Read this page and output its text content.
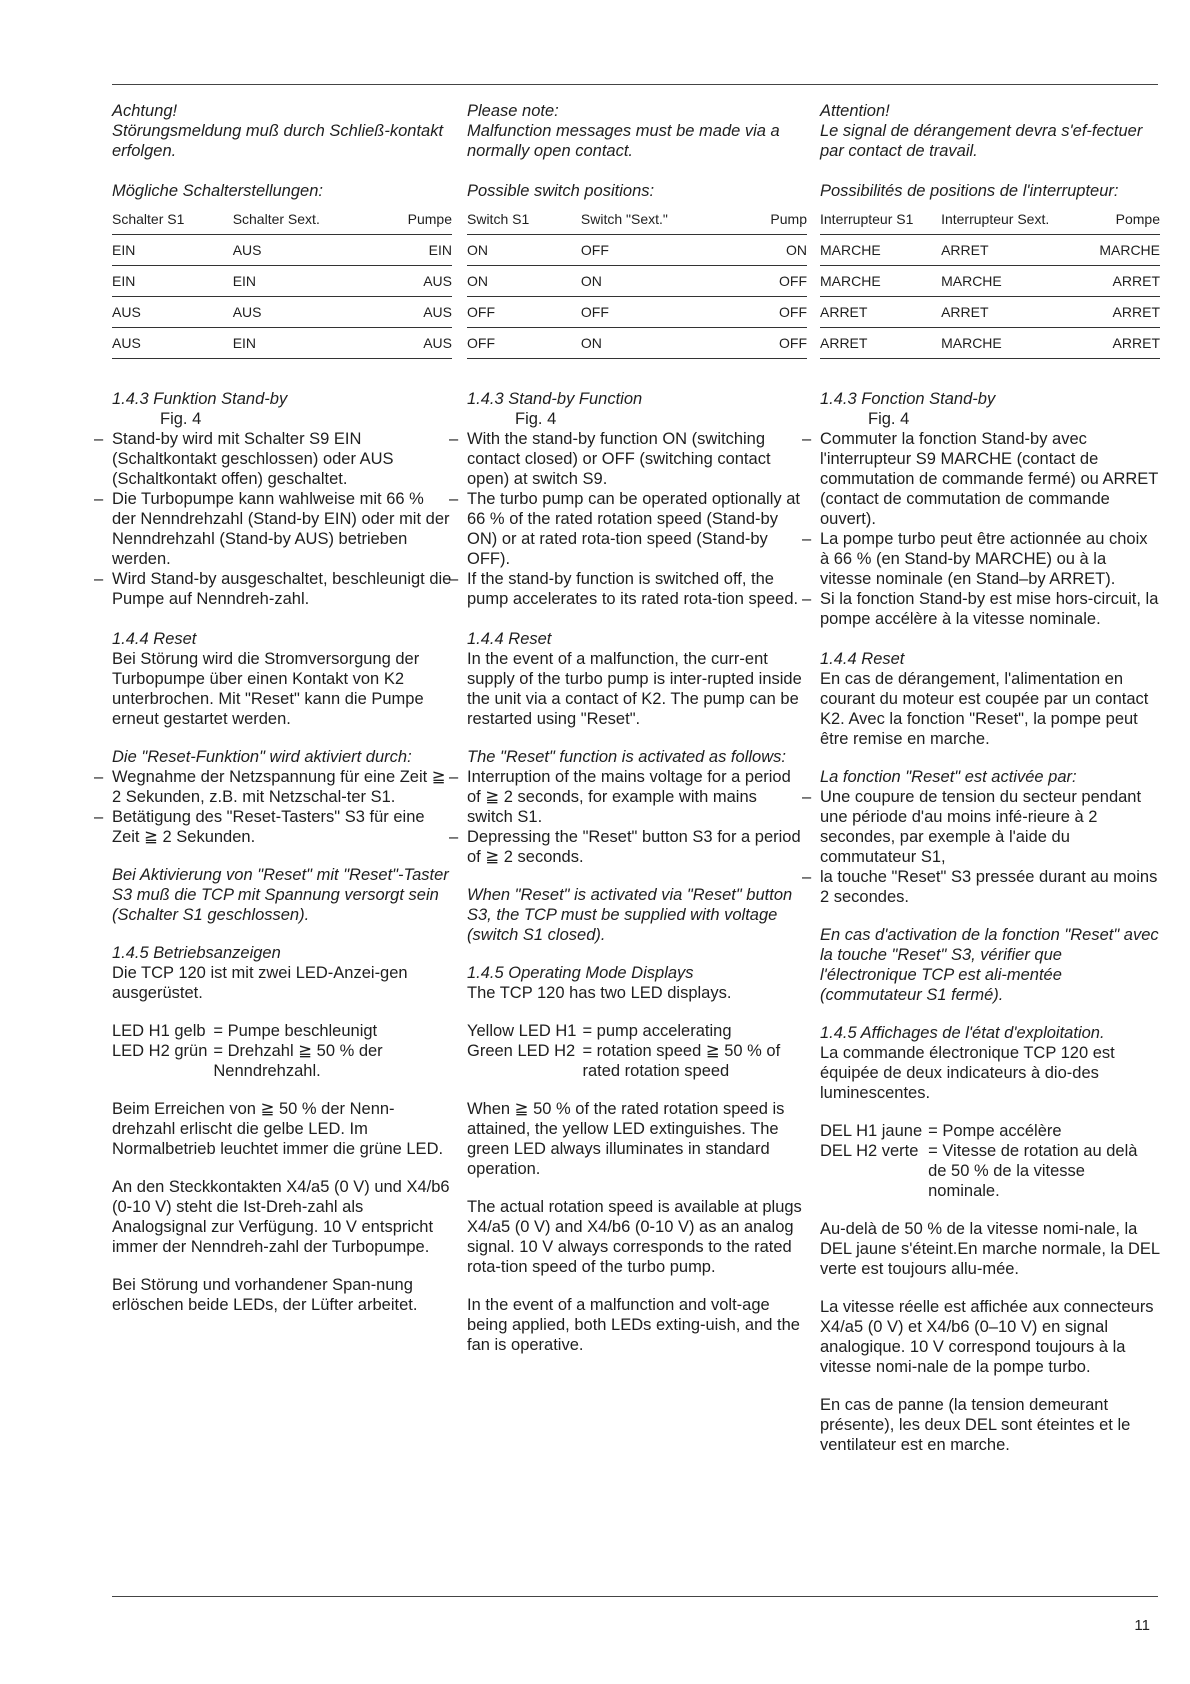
Achtung!

Störungsmeldung muß durch Schließ-kontakt erfolgen.

Mögliche Schalterstellungen:

Schalter S1	Schalter Sext.	Pumpe
EIN	AUS	EIN
EIN	EIN	AUS
AUS	AUS	AUS
AUS	EIN	AUS

1.4.3 Funktion Stand-by

Fig. 4

– Stand-by wird mit Schalter S9 EIN (Schaltkontakt geschlossen) oder AUS (Schaltkontakt offen) geschaltet.
– Die Turbopumpe kann wahlweise mit 66 % der Nenndrehzahl (Stand-by EIN) oder mit der Nenndrehzahl (Stand-by AUS) betrieben werden.
– Wird Stand-by ausgeschaltet, beschleunigt die Pumpe auf Nenndreh-zahl.

1.4.4 Reset

Bei Störung wird die Stromversorgung der Turbopumpe über einen Kontakt von K2 unterbrochen. Mit "Reset" kann die Pumpe erneut gestartet werden.

Die "Reset-Funktion" wird aktiviert durch:

– Wegnahme der Netzspannung für eine Zeit ≧ 2 Sekunden, z.B. mit Netzschal-ter S1.
– Betätigung des "Reset-Tasters" S3 für eine Zeit ≧ 2 Sekunden.

Bei Aktivierung von "Reset" mit "Reset"-Taster S3 muß die TCP mit Spannung versorgt sein (Schalter S1 geschlossen).

1.4.5 Betriebsanzeigen

Die TCP 120 ist mit zwei LED-Anzei-gen ausgerüstet.

LED H1 gelb = Pumpe beschleunigt
LED H2 grün = Drehzahl ≧ 50 % der Nenndrehzahl.

Beim Erreichen von ≧ 50 % der Nenn-drehzahl erlischt die gelbe LED. Im Normalbetrieb leuchtet immer die grüne LED.

An den Steckkontakten X4/a5 (0 V) und X4/b6 (0-10 V) steht die Ist-Dreh-zahl als Analogsignal zur Verfügung. 10 V entspricht immer der Nenndreh-zahl der Turbopumpe.

Bei Störung und vorhandener Span-nung erlöschen beide LEDs, der Lüfter arbeitet.

Please note:

Malfunction messages must be made via a normally open contact.

Possible switch positions:

Switch S1	Switch "Sext."	Pump
ON	OFF	ON
ON	ON	OFF
OFF	OFF	OFF
OFF	ON	OFF

1.4.3 Stand-by Function

Fig. 4

– With the stand-by function ON (switching contact closed) or OFF (switching contact open) at switch S9.
– The turbo pump can be operated optionally at 66 % of the rated rotation speed (Stand-by ON) or at rated rota-tion speed (Stand-by OFF).
– If the stand-by function is switched off, the pump accelerates to its rated rota-tion speed.

1.4.4 Reset

In the event of a malfunction, the curr-ent supply of the turbo pump is inter-rupted inside the unit via a contact of K2. The pump can be restarted using "Reset".

The "Reset" function is activated as follows:

– Interruption of the mains voltage for a period of ≧ 2 seconds, for example with mains switch S1.
– Depressing the "Reset" button S3 for a period of ≧ 2 seconds.

When "Reset" is activated via "Reset" button S3, the TCP must be supplied with voltage (switch S1 closed).

1.4.5 Operating Mode Displays

The TCP 120 has two LED displays.

Yellow LED H1 = pump accelerating
Green LED H2 = rotation speed ≧ 50 % of rated rotation speed

When ≧ 50 % of the rated rotation speed is attained, the yellow LED extinguishes. The green LED always illuminates in standard operation.

The actual rotation speed is available at plugs X4/a5 (0 V) and X4/b6 (0-10 V) as an analog signal. 10 V always corresponds to the rated rota-tion speed of the turbo pump.

In the event of a malfunction and volt-age being applied, both LEDs exting-uish, and the fan is operative.

Attention!

Le signal de dérangement devra s'ef-fectuer par contact de travail.

Possibilités de positions de l'interrupteur:

Interrupteur S1	Interrupteur Sext.	Pompe
MARCHE	ARRET	MARCHE
MARCHE	MARCHE	ARRET
ARRET	ARRET	ARRET
ARRET	MARCHE	ARRET

1.4.3 Fonction Stand-by

Fig. 4

– Commuter la fonction Stand-by avec l'interrupteur S9 MARCHE (contact de commutation de commande fermé) ou ARRET (contact de commutation de commande ouvert).
– La pompe turbo peut être actionnée au choix à 66 % (en Stand-by MARCHE) ou à la vitesse nominale (en Stand–by ARRET).
– Si la fonction Stand-by est mise hors-circuit, la pompe accélère à la vitesse nominale.

1.4.4 Reset

En cas de dérangement, l'alimentation en courant du moteur est coupée par un contact K2. Avec la fonction "Reset", la pompe peut être remise en marche.

La fonction "Reset" est activée par:

– Une coupure de tension du secteur pendant une période d'au moins infé-rieure à 2 secondes, par exemple à l'aide du commutateur S1,
– la touche "Reset" S3 pressée durant au moins 2 secondes.

En cas d'activation de la fonction "Reset" avec la touche "Reset" S3, vérifier que l'électronique TCP est ali-mentée (commutateur S1 fermé).

1.4.5 Affichages de l'état d'exploitation.

La commande électronique TCP 120 est équipée de deux indicateurs à dio-des luminescentes.

DEL H1 jaune = Pompe accélère
DEL H2 verte = Vitesse de rotation au delà de 50 % de la vitesse nominale.

Au-delà de 50 % de la vitesse nomi-nale, la DEL jaune s'éteint.En marche normale, la DEL verte est toujours allu-mée.

La vitesse réelle est affichée aux connecteurs X4/a5 (0 V) et X4/b6 (0–10 V) en signal analogique. 10 V correspond toujours à la vitesse nomi-nale de la pompe turbo.

En cas de panne (la tension demeurant présente), les deux DEL sont éteintes et le ventilateur est en marche.

11
